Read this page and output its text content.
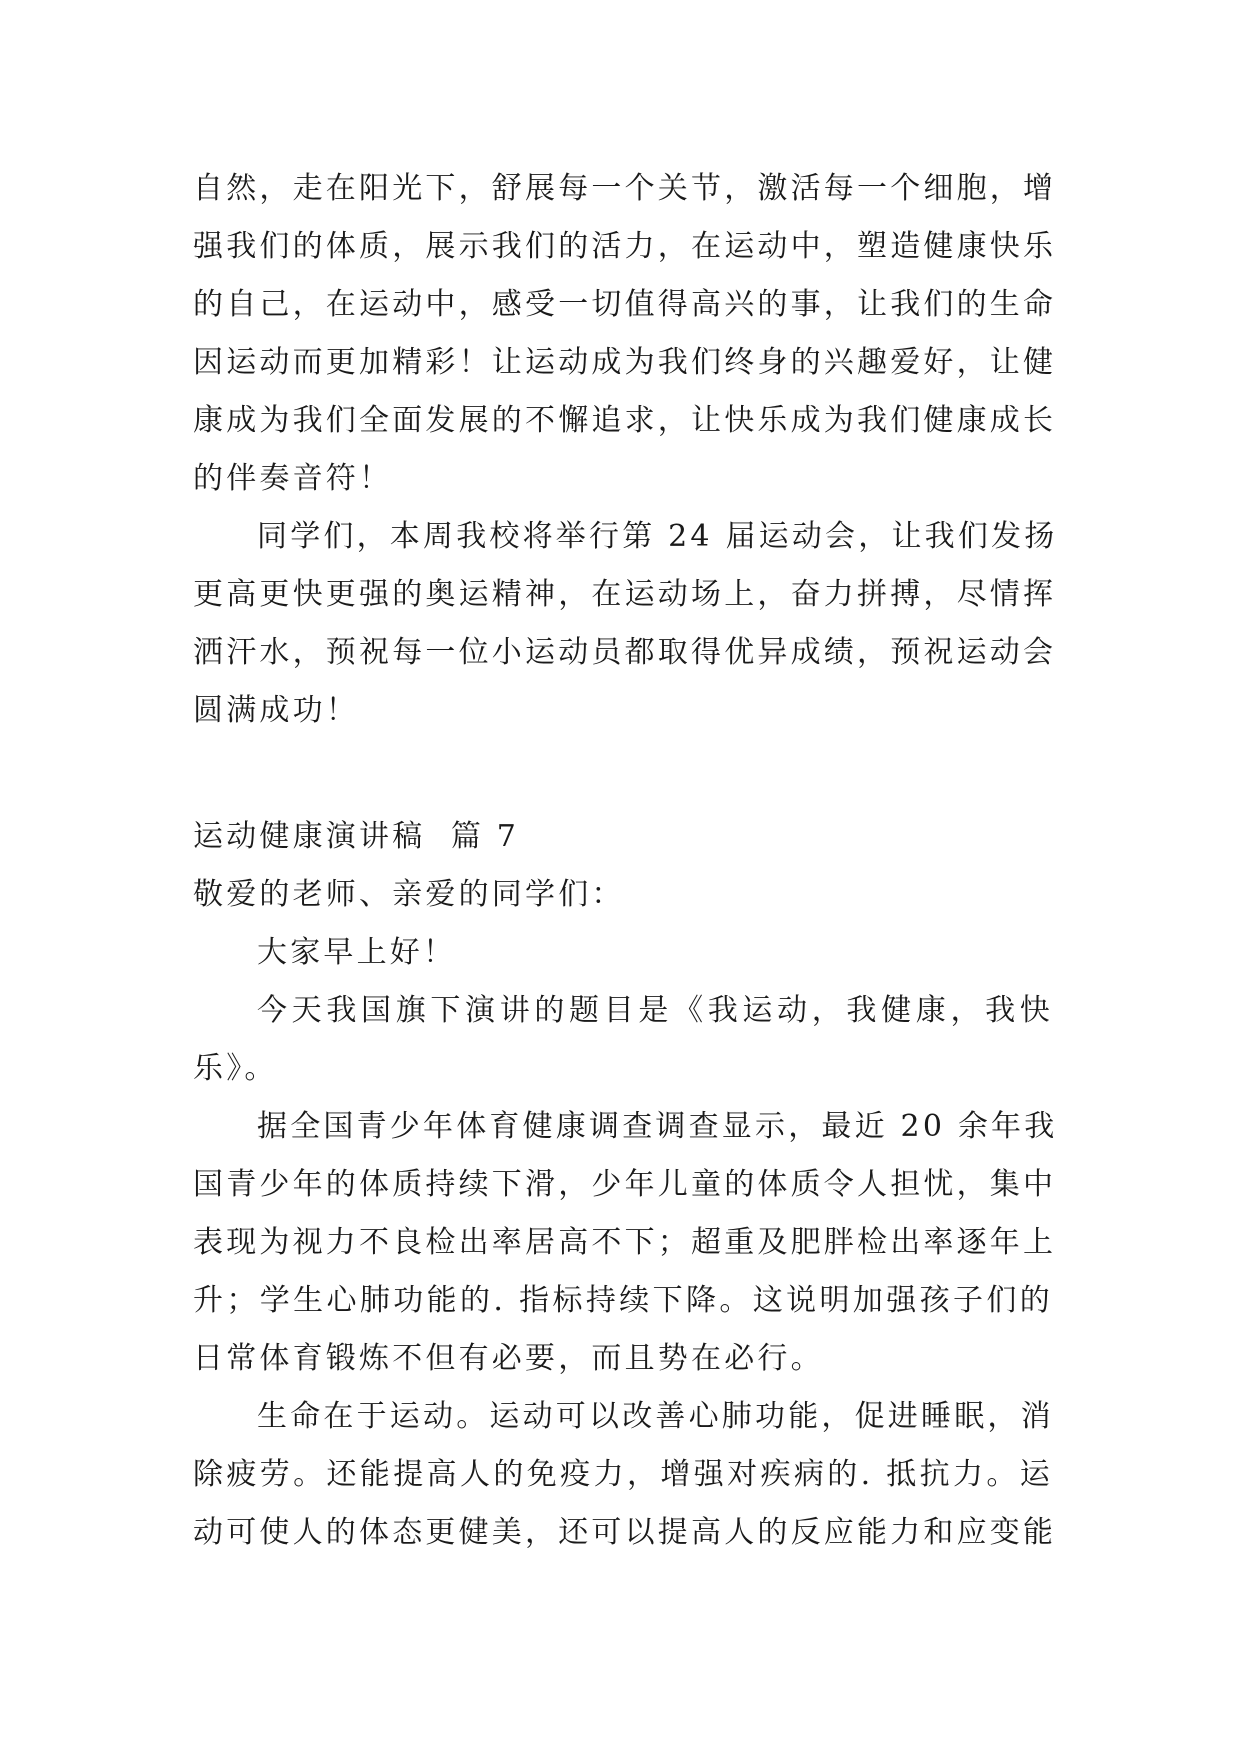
自然，走在阳光下，舒展每一个关节，激活每一个细胞，增
强我们的体质，展示我们的活力，在运动中，塑造健康快乐
的自己，在运动中，感受一切值得高兴的事，让我们的生命
因运动而更加精彩！让运动成为我们终身的兴趣爱好，让健
康成为我们全面发展的不懈追求，让快乐成为我们健康成长
的伴奏音符！
同学们，本周我校将举行第 24 届运动会，让我们发扬
更高更快更强的奥运精神，在运动场上，奋力拼搏，尽情挥
洒汗水，预祝每一位小运动员都取得优异成绩，预祝运动会
圆满成功！
运动健康演讲稿  篇 7
敬爱的老师、亲爱的同学们：
大家早上好！
今天我国旗下演讲的题目是《我运动，我健康，我快
乐》。
据全国青少年体育健康调查调查显示，最近 20 余年我
国青少年的体质持续下滑，少年儿童的体质令人担忧，集中
表现为视力不良检出率居高不下；超重及肥胖检出率逐年上
升；学生心肺功能的. 指标持续下降。这说明加强孩子们的
日常体育锻炼不但有必要，而且势在必行。
生命在于运动。运动可以改善心肺功能，促进睡眠，消
除疲劳。还能提高人的免疫力，增强对疾病的. 抵抗力。运
动可使人的体态更健美，还可以提高人的反应能力和应变能
